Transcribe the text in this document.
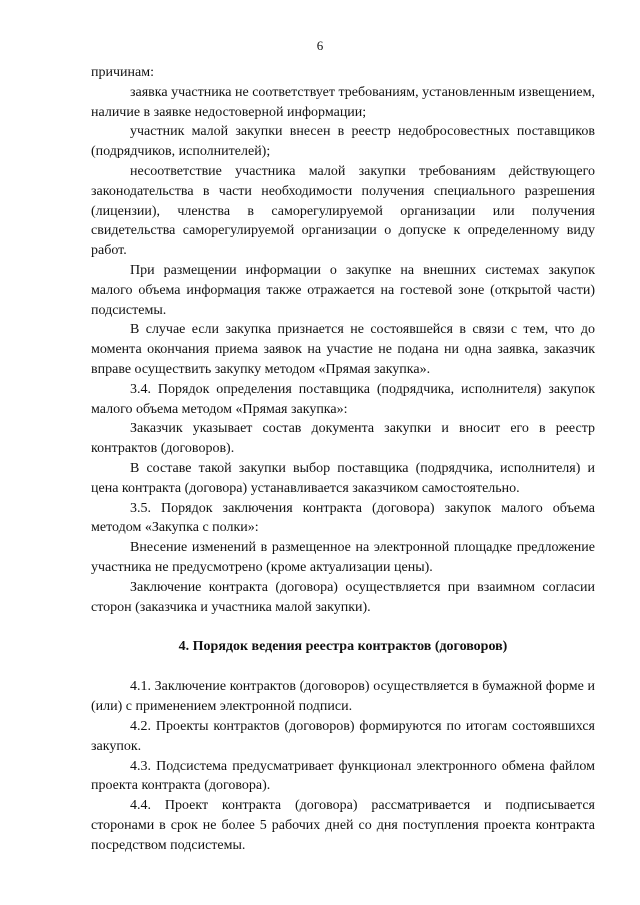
6

причинам:

заявка участника не соответствует требованиям, установленным извещением, наличие в заявке недостоверной информации;

участник малой закупки внесен в реестр недобросовестных поставщиков (подрядчиков, исполнителей);

несоответствие участника малой закупки требованиям действующего законодательства в части необходимости получения специального разрешения (лицензии), членства в саморегулируемой организации или получения свидетельства саморегулируемой организации о допуске к определенному виду работ.

При размещении информации о закупке на внешних системах закупок малого объема информация также отражается на гостевой зоне (открытой части) подсистемы.

В случае если закупка признается не состоявшейся в связи с тем, что до момента окончания приема заявок на участие не подана ни одна заявка, заказчик вправе осуществить закупку методом «Прямая закупка».

3.4. Порядок определения поставщика (подрядчика, исполнителя) закупок малого объема методом «Прямая закупка»:

Заказчик указывает состав документа закупки и вносит его в реестр контрактов (договоров).

В составе такой закупки выбор поставщика (подрядчика, исполнителя) и цена контракта (договора) устанавливается заказчиком самостоятельно.

3.5. Порядок заключения контракта (договора) закупок малого объема методом «Закупка с полки»:

Внесение изменений в размещенное на электронной площадке предложение участника не предусмотрено (кроме актуализации цены).

Заключение контракта (договора) осуществляется при взаимном согласии сторон (заказчика и участника малой закупки).

4. Порядок ведения реестра контрактов (договоров)

4.1. Заключение контрактов (договоров) осуществляется в бумажной форме и (или) с применением электронной подписи.

4.2. Проекты контрактов (договоров) формируются по итогам состоявшихся закупок.

4.3. Подсистема предусматривает функционал электронного обмена файлом проекта контракта (договора).

4.4. Проект контракта (договора) рассматривается и подписывается сторонами в срок не более 5 рабочих дней со дня поступления проекта контракта посредством подсистемы.
